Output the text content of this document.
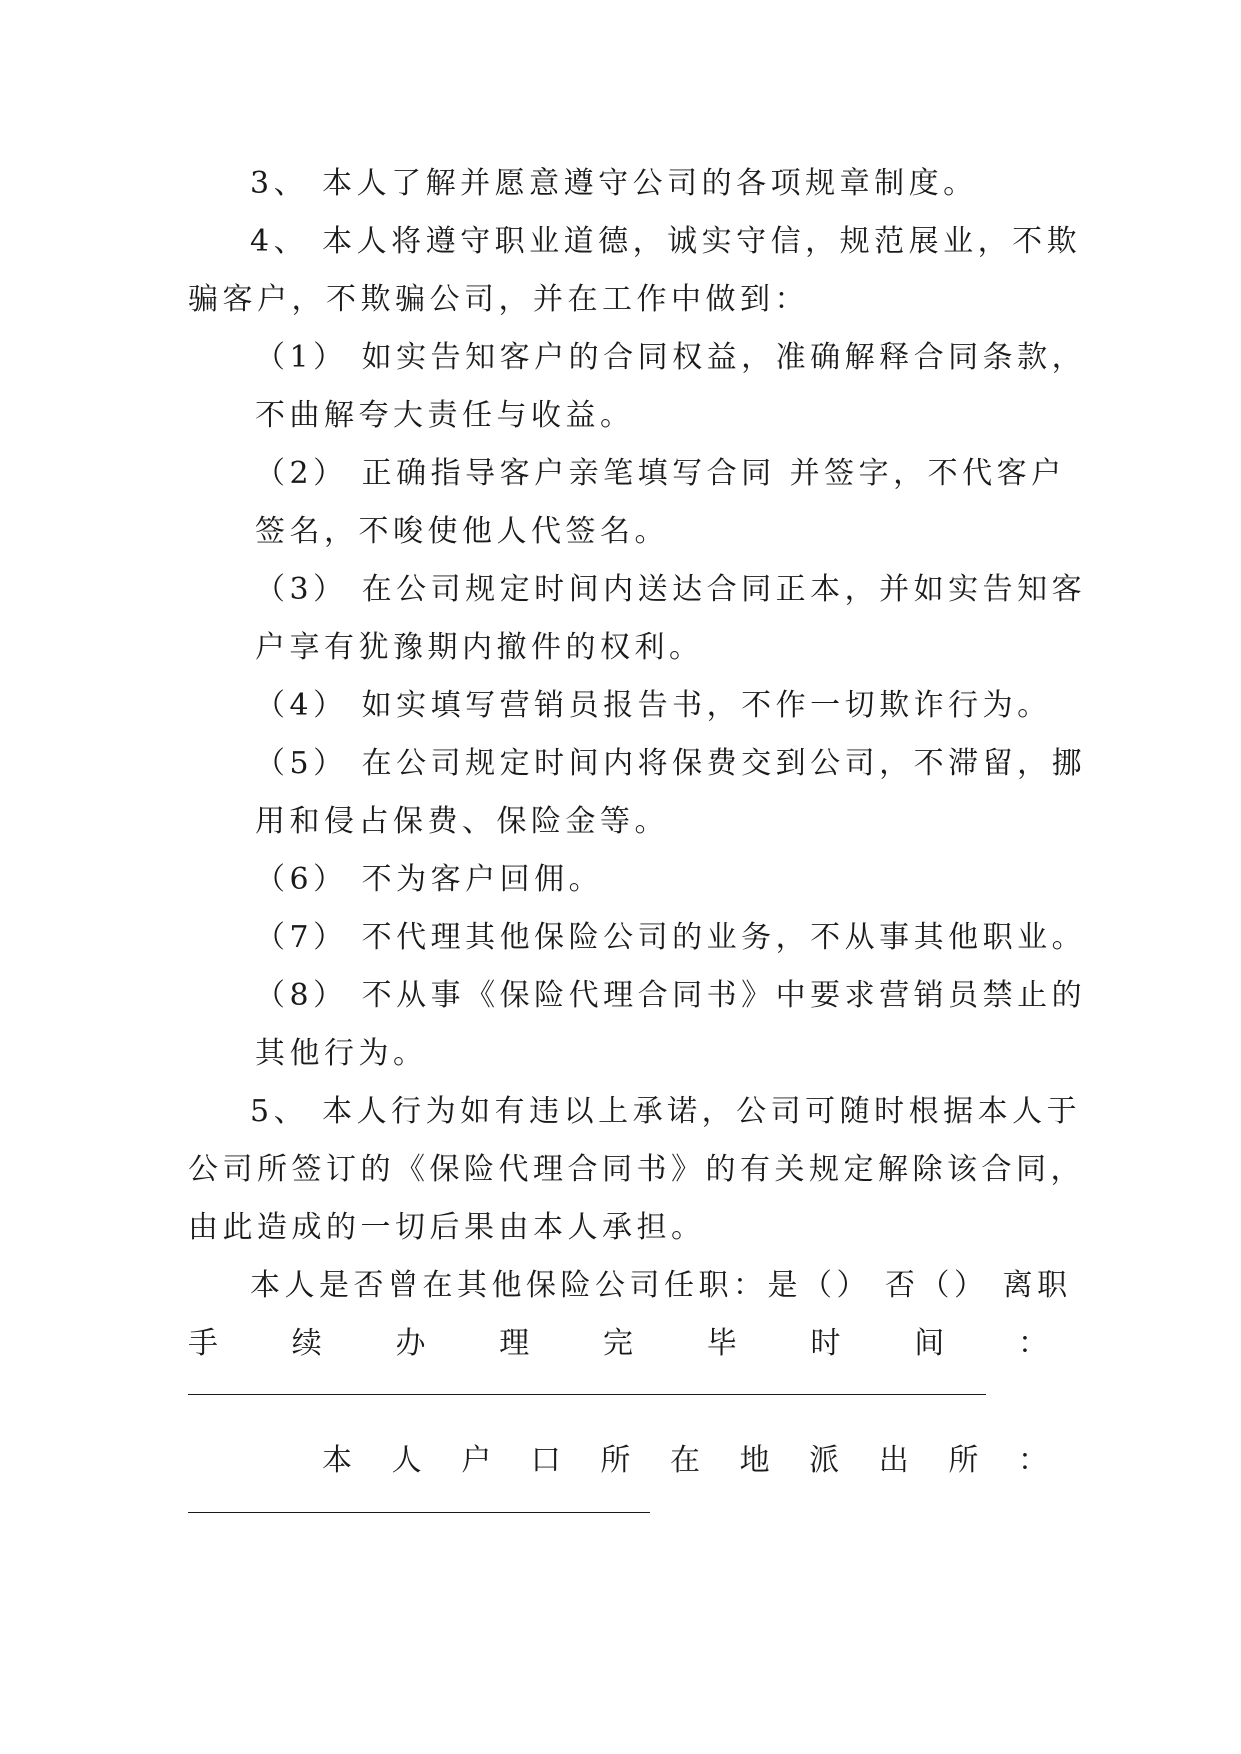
3、 本人了解并愿意遵守公司的各项规章制度。
4、 本人将遵守职业道德，诚实守信，规范展业，不欺
骗客户，不欺骗公司，并在工作中做到：
（1） 如实告知客户的合同权益，准确解释合同条款，
不曲解夸大责任与收益。
（2） 正确指导客户亲笔填写合同 并签字，不代客户
签名，不唆使他人代签名。
（3） 在公司规定时间内送达合同正本，并如实告知客
户享有犹豫期内撤件的权利。
（4） 如实填写营销员报告书，不作一切欺诈行为。
（5） 在公司规定时间内将保费交到公司，不滞留，挪
用和侵占保费、保险金等。
（6） 不为客户回佣。
（7） 不代理其他保险公司的业务，不从事其他职业。
（8） 不从事《保险代理合同书》中要求营销员禁止的
其他行为。
5、 本人行为如有违以上承诺，公司可随时根据本人于
公司所签订的《保险代理合同书》的有关规定解除该合同，
由此造成的一切后果由本人承担。
本人是否曾在其他保险公司任职：是（） 否（） 离职
手 续 办 理 完 毕 时 间 ：
本 人 户 口 所 在 地 派 出 所 ：
